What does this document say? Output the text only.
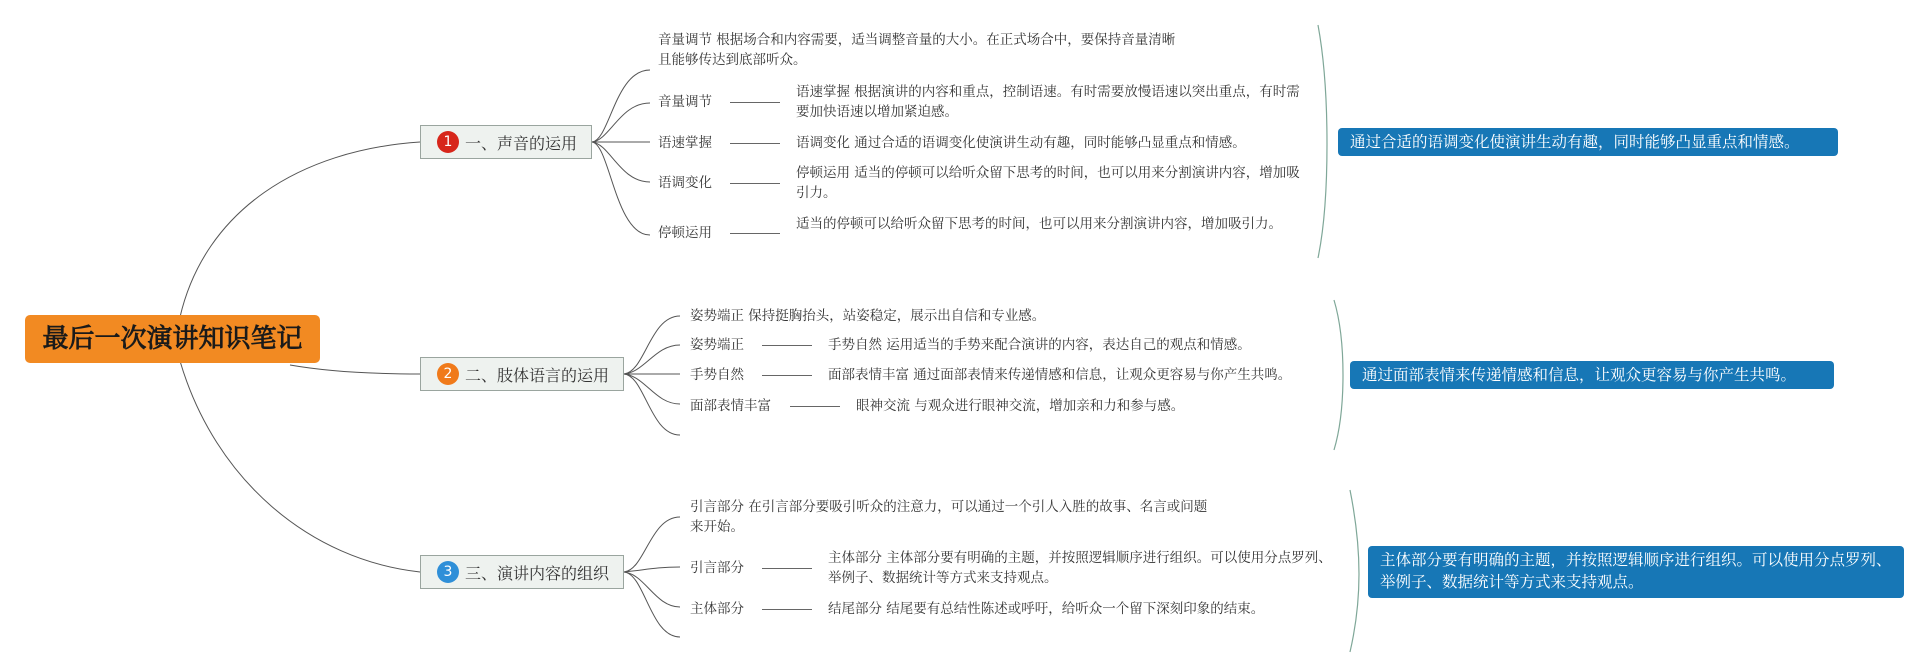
最后一次演讲知识笔记
1 一、声音的运用
音量调节 根据场合和内容需要，适当调整音量的大小。在正式场合中，要保持音量清晰且能够传达到底部听众。
音量调节
语速掌握
语调变化
停顿运用
语速掌握 根据演讲的内容和重点，控制语速。有时需要放慢语速以突出重点，有时需要加快语速以增加紧迫感。
语调变化 通过合适的语调变化使演讲生动有趣，同时能够凸显重点和情感。
停顿运用 适当的停顿可以给听众留下思考的时间，也可以用来分割演讲内容，增加吸引力。
适当的停顿可以给听众留下思考的时间，也可以用来分割演讲内容，增加吸引力。
通过合适的语调变化使演讲生动有趣，同时能够凸显重点和情感。
2 二、肢体语言的运用
姿势端正 保持挺胸抬头，站姿稳定，展示出自信和专业感。
姿势端正
手势自然
面部表情丰富
手势自然 运用适当的手势来配合演讲的内容，表达自己的观点和情感。
面部表情丰富 通过面部表情来传递情感和信息，让观众更容易与你产生共鸣。
眼神交流 与观众进行眼神交流，增加亲和力和参与感。
通过面部表情来传递情感和信息，让观众更容易与你产生共鸣。
3 三、演讲内容的组织
引言部分 在引言部分要吸引听众的注意力，可以通过一个引人入胜的故事、名言或问题来开始。
引言部分
主体部分
主体部分 主体部分要有明确的主题，并按照逻辑顺序进行组织。可以使用分点罗列、举例子、数据统计等方式来支持观点。
结尾部分 结尾要有总结性陈述或呼吁，给听众一个留下深刻印象的结束。
主体部分要有明确的主题，并按照逻辑顺序进行组织。可以使用分点罗列、举例子、数据统计等方式来支持观点。
